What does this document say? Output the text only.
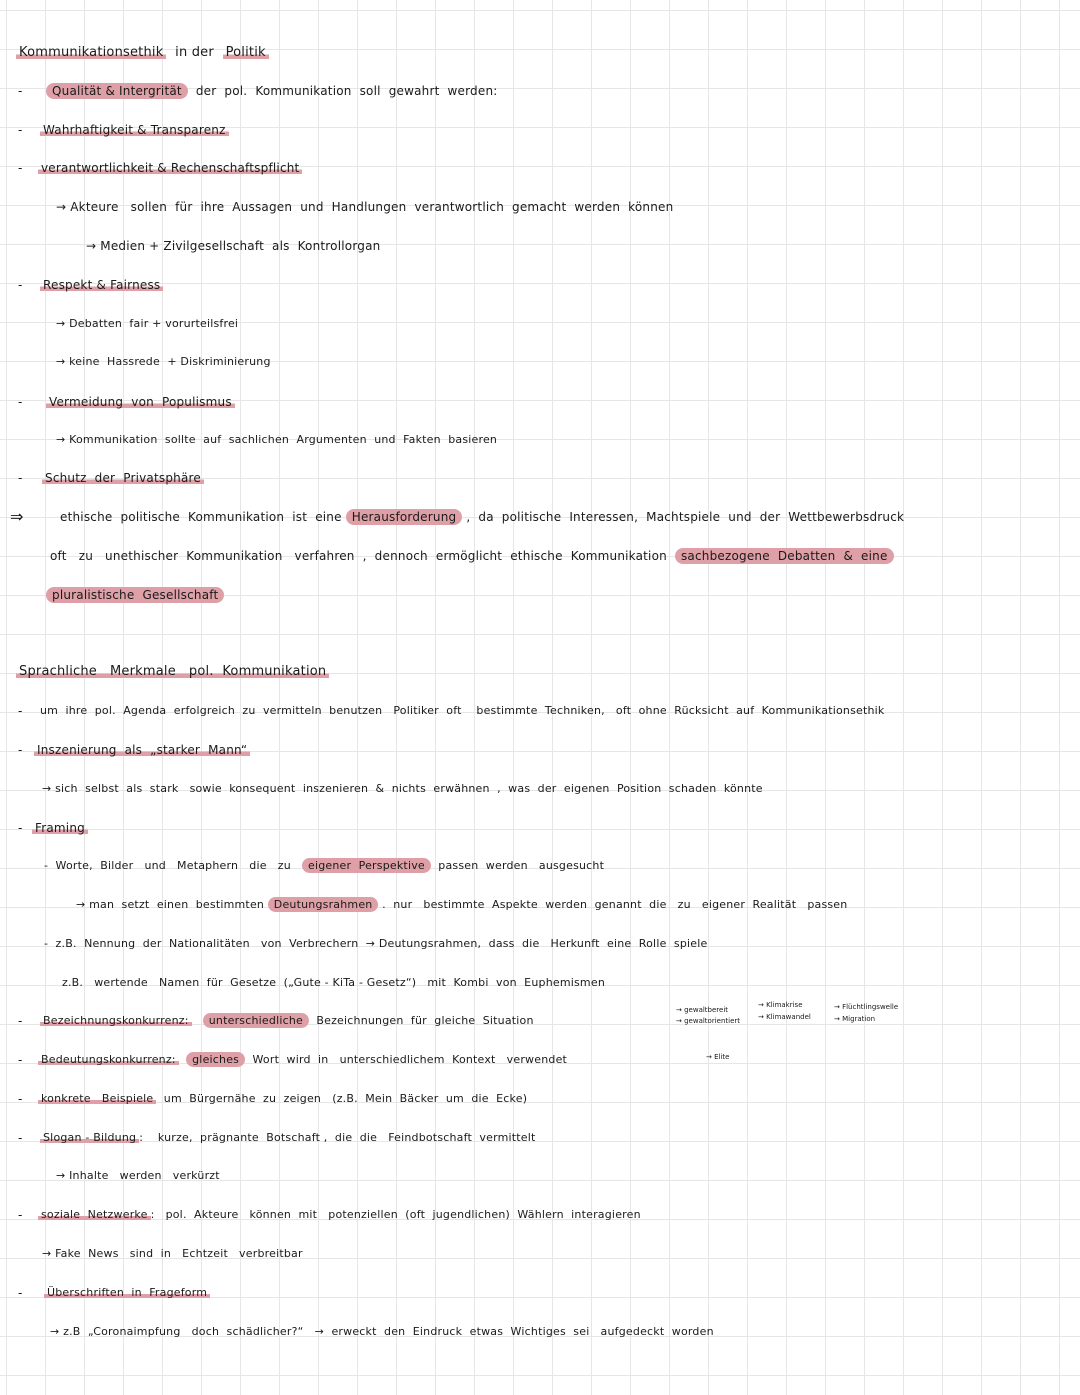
Kommunikationsethik  in der  Politik
-	Qualität & Intergrität  der  pol.  Kommunikation  soll  gewahrt  werden:
- Wahrhaftigkeit & Transparenz
- verantwortlichkeit & Rechenschaftspflicht
→ Akteure   sollen  für  ihre  Aussagen  und  Handlungen  verantwortlich  gemacht  werden  können
→ Medien + Zivilgesellschaft  als  Kontrollorgan
- Respekt & Fairness
→ Debatten  fair + vorurteilsfrei
→ keine  Hassrede  + Diskriminierung
- Vermeidung  von  Populismus
→ Kommunikation  sollte  auf  sachlichen  Argumenten  und  Fakten  basieren
- Schutz  der  Privatsphäre
⇒	ethische  politische  Kommunikation  ist  eine Herausforderung ,  da  politische  Interessen,  Machtspiele  und  der  Wettbewerbsdruck
oft   zu   unethischer  Kommunikation   verfahren  ,  dennoch  ermöglicht  ethische  Kommunikation  sachbezogene  Debatten  &  eine
pluralistische  Gesellschaft
Sprachliche   Merkmale   pol.  Kommunikation
- um  ihre  pol.  Agenda  erfolgreich  zu  vermitteln  benutzen   Politiker  oft    bestimmte  Techniken,   oft  ohne  Rücksicht  auf  Kommunikationsethik
- Inszenierung  als  „starker  Mann“
→ sich  selbst  als  stark   sowie  konsequent  inszenieren  &  nichts  erwähnen  ,  was  der  eigenen  Position  schaden  könnte
- Framing
-  Worte,  Bilder   und   Metaphern   die   zu   eigener  Perspektive  passen  werden   ausgesucht
→ man  setzt  einen  bestimmten Deutungsrahmen .  nur   bestimmte  Aspekte  werden  genannt  die   zu   eigener  Realität   passen
-  z.B.  Nennung  der  Nationalitäten   von  Verbrechern  → Deutungsrahmen,  dass  die   Herkunft  eine  Rolle  spiele
z.B.   wertende   Namen  für  Gesetze  („Gute - KiTa - Gesetz“)   mit  Kombi  von  Euphemismen
- Bezeichnungskonkurrenz: unterschiedliche  Bezeichnungen  für  gleiche  Situation
- Bedeutungskonkurrenz: gleiches  Wort  wird  in   unterschiedlichem  Kontext   verwendet
- konkrete   Beispiele  um  Bürgernähe  zu  zeigen   (z.B.  Mein  Bäcker  um  die  Ecke)
- Slogan - Bildung :    kurze,  prägnante  Botschaft ,  die  die   Feindbotschaft  vermittelt
→ Inhalte   werden   verkürzt
- soziale  Netzwerke :   pol.  Akteure   können  mit   potenziellen  (oft  jugendlichen)  Wählern  interagieren
→ Fake  News   sind  in   Echtzeit   verbreitbar
- Überschriften  in  Frageform
→ z.B  „Coronaimpfung   doch  schädlicher?“   →  erweckt  den  Eindruck  etwas  Wichtiges  sei   aufgedeckt  worden
→ gewaltbereit
→ gewaltorientiert
→ Klimakrise
→ Klimawandel
→ Flüchtlingswelle
→ Migration
→ Elite
